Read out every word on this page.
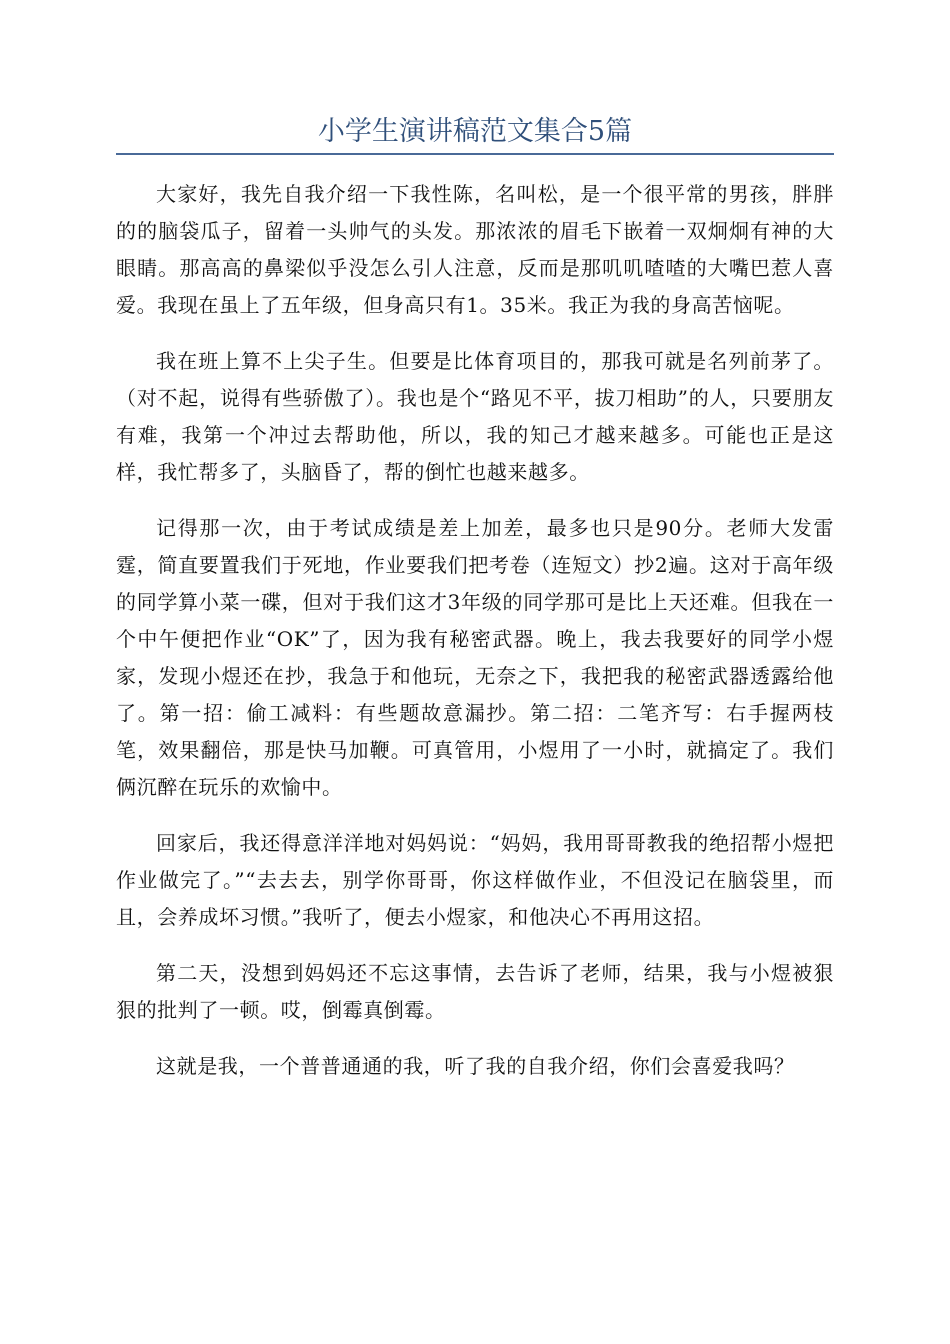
小学生演讲稿范文集合5篇

大家好，我先自我介绍一下我性陈，名叫松，是一个很平常的男孩，胖胖的的脑袋瓜子，留着一头帅气的头发。那浓浓的眉毛下嵌着一双炯炯有神的大眼睛。那高高的鼻梁似乎没怎么引人注意，反而是那叽叽喳喳的大嘴巴惹人喜爱。我现在虽上了五年级，但身高只有1。35米。我正为我的身高苦恼呢。

我在班上算不上尖子生。但要是比体育项目的，那我可就是名列前茅了。（对不起，说得有些骄傲了）。我也是个“路见不平，拔刀相助”的人，只要朋友有难，我第一个冲过去帮助他，所以，我的知己才越来越多。可能也正是这样，我忙帮多了，头脑昏了，帮的倒忙也越来越多。

记得那一次，由于考试成绩是差上加差，最多也只是90分。老师大发雷霆，简直要置我们于死地，作业要我们把考卷（连短文）抄2遍。这对于高年级的同学算小菜一碟，但对于我们这才3年级的同学那可是比上天还难。但我在一个中午便把作业“OK”了，因为我有秘密武器。晚上，我去我要好的同学小煜家，发现小煜还在抄，我急于和他玩，无奈之下，我把我的秘密武器透露给他了。第一招：偷工减料：有些题故意漏抄。第二招：二笔齐写：右手握两枝笔，效果翻倍，那是快马加鞭。可真管用，小煜用了一小时，就搞定了。我们俩沉醉在玩乐的欢愉中。

回家后，我还得意洋洋地对妈妈说：“妈妈，我用哥哥教我的绝招帮小煜把作业做完了。”“去去去，别学你哥哥，你这样做作业，不但没记在脑袋里，而且，会养成坏习惯。”我听了，便去小煜家，和他决心不再用这招。

第二天，没想到妈妈还不忘这事情，去告诉了老师，结果，我与小煜被狠狠的批判了一顿。哎，倒霉真倒霉。

这就是我，一个普普通通的我，听了我的自我介绍，你们会喜爱我吗？
